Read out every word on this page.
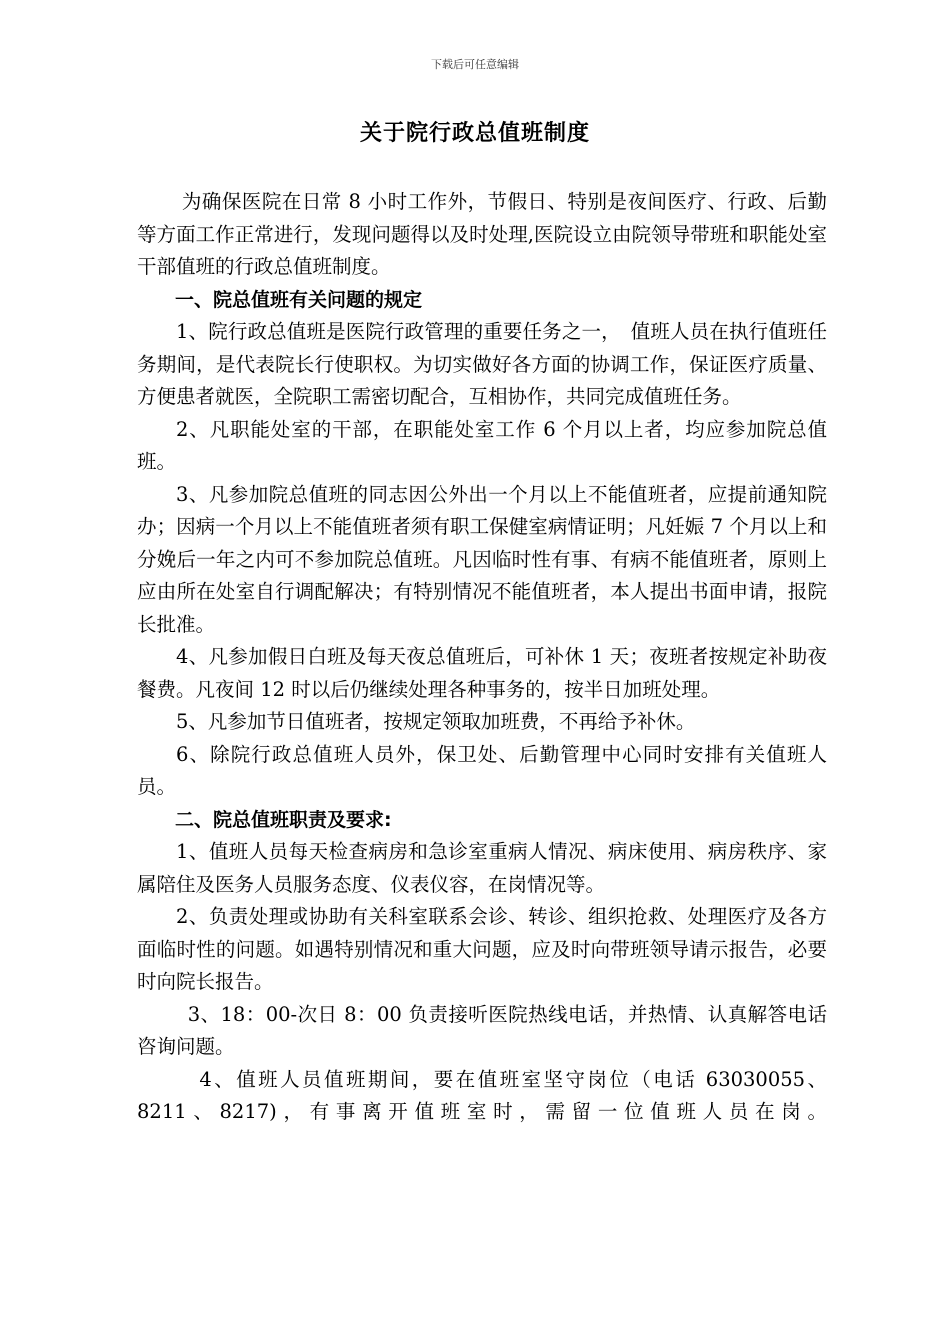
下载后可任意编辑
关于院行政总值班制度

为确保医院在日常 8 小时工作外，节假日、特别是夜间医疗、行政、后勤等方面工作正常进行，发现问题得以及时处理,医院设立由院领导带班和职能处室干部值班的行政总值班制度。

一、院总值班有关问题的规定

1、院行政总值班是医院行政管理的重要任务之一，　值班人员在执行值班任务期间，是代表院长行使职权。为切实做好各方面的协调工作，保证医疗质量、方便患者就医，全院职工需密切配合，互相协作，共同完成值班任务。

2、凡职能处室的干部，在职能处室工作 6 个月以上者，均应参加院总值班。

3、凡参加院总值班的同志因公外出一个月以上不能值班者，应提前通知院办；因病一个月以上不能值班者须有职工保健室病情证明；凡妊娠 7 个月以上和分娩后一年之内可不参加院总值班。凡因临时性有事、有病不能值班者，原则上应由所在处室自行调配解决；有特别情况不能值班者，本人提出书面申请，报院长批准。

4、凡参加假日白班及每天夜总值班后，可补休 1 天；夜班者按规定补助夜餐费。凡夜间 12 时以后仍继续处理各种事务的，按半日加班处理。

5、凡参加节日值班者，按规定领取加班费，不再给予补休。

6、除院行政总值班人员外，保卫处、后勤管理中心同时安排有关值班人员。

二、院总值班职责及要求:

1、值班人员每天检查病房和急诊室重病人情况、病床使用、病房秩序、家属陪住及医务人员服务态度、仪表仪容，在岗情况等。

2、负责处理或协助有关科室联系会诊、转诊、组织抢救、处理医疗及各方面临时性的问题。如遇特别情况和重大问题，应及时向带班领导请示报告，必要时向院长报告。

3、18：00-次日 8：00 负责接听医院热线电话，并热情、认真解答电话咨询问题。

4、值班人员值班期间，要在值班室坚守岗位（电话 63030055、8211、8217)，有事离开值班室时，需留一位值班人员在岗。
